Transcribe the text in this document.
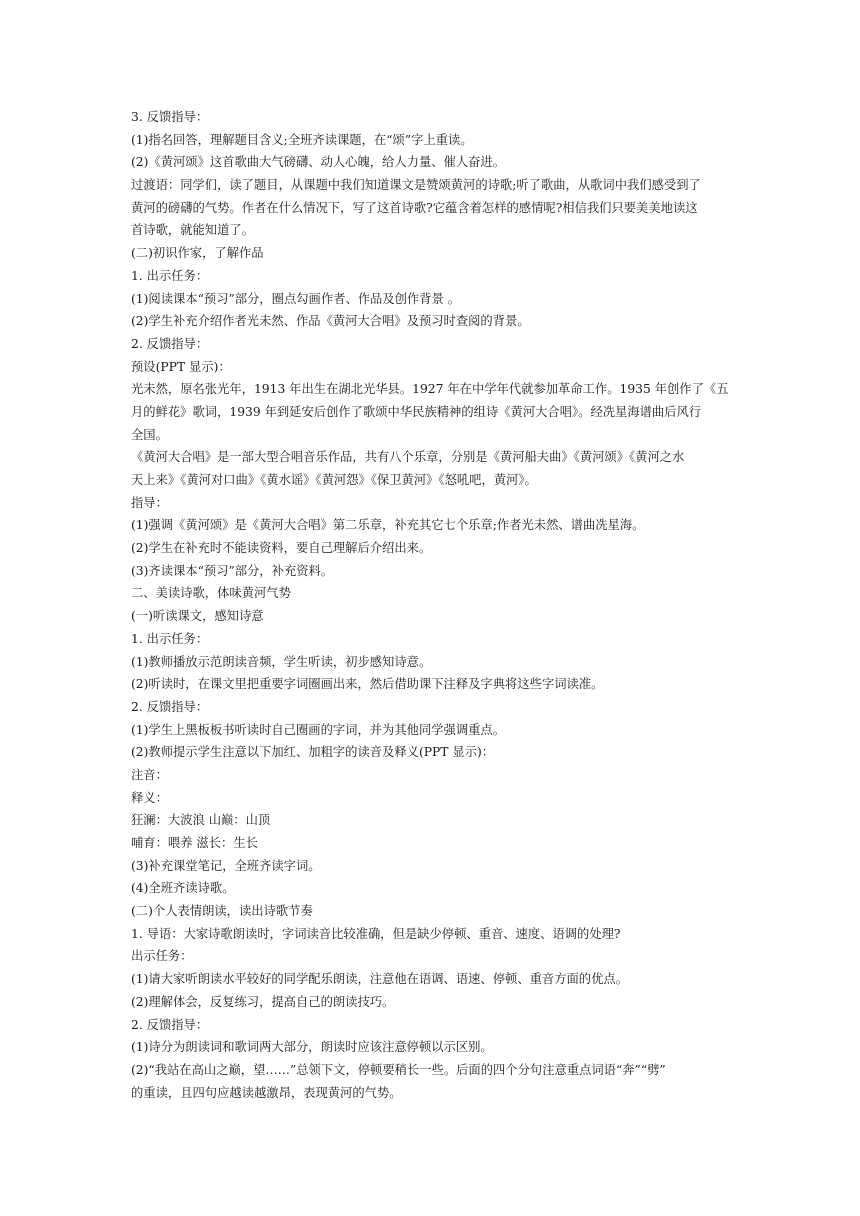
3. 反馈指导：
(1)指名回答，理解题目含义;全班齐读课题，在“颂”字上重读。
(2)《黄河颂》这首歌曲大气磅礴、动人心魄，给人力量、催人奋进。
过渡语：同学们，读了题目，从课题中我们知道课文是赞颂黄河的诗歌;听了歌曲，从歌词中我们感受到了
黄河的磅礴的气势。作者在什么情况下，写了这首诗歌?它蕴含着怎样的感情呢?相信我们只要美美地读这
首诗歌，就能知道了。
(二)初识作家，了解作品
1. 出示任务：
(1)阅读课本“预习”部分，圈点勾画作者、作品及创作背景 。
(2)学生补充介绍作者光未然、作品《黄河大合唱》及预习时查阅的背景。
2. 反馈指导：
预设(PPT 显示)：
光未然，原名张光年，1913 年出生在湖北光华县。1927 年在中学年代就参加革命工作。1935 年创作了《五
月的鲜花》歌词，1939 年到延安后创作了歌颂中华民族精神的组诗《黄河大合唱》。经冼星海谱曲后风行
全国。
《黄河大合唱》是一部大型合唱音乐作品，共有八个乐章，分别是《黄河船夫曲》《黄河颂》《黄河之水
天上来》《黄河对口曲》《黄水谣》《黄河怨》《保卫黄河》《怒吼吧，黄河》。
指导：
(1)强调《黄河颂》是《黄河大合唱》第二乐章，补充其它七个乐章;作者光未然、谱曲冼星海。
(2)学生在补充时不能读资料，要自己理解后介绍出来。
(3)齐读课本“预习”部分，补充资料。
二、美读诗歌，体味黄河气势
(一)听读课文，感知诗意
1. 出示任务：
(1)教师播放示范朗读音频，学生听读，初步感知诗意。
(2)听读时，在课文里把重要字词圈画出来，然后借助课下注释及字典将这些字词读准。
2. 反馈指导：
(1)学生上黑板板书听读时自己圈画的字词，并为其他同学强调重点。
(2)教师提示学生注意以下加红、加粗字的读音及释义(PPT 显示)：
注音：
释义：
狂澜：大波浪 山巅：山顶
哺育：喂养 滋长：生长
(3)补充课堂笔记，全班齐读字词。
(4)全班齐读诗歌。
(二)个人表情朗读，读出诗歌节奏
1. 导语：大家诗歌朗读时，字词读音比较准确，但是缺少停顿、重音、速度、语调的处理?
出示任务：
(1)请大家听朗读水平较好的同学配乐朗读，注意他在语调、语速、停顿、重音方面的优点。
(2)理解体会，反复练习，提高自己的朗读技巧。
2. 反馈指导：
(1)诗分为朗读词和歌词两大部分，朗读时应该注意停顿以示区别。
(2)“我站在高山之巅，望……”总领下文，停顿要稍长一些。后面的四个分句注意重点词语“奔”“劈”
的重读，且四句应越读越激昂，表现黄河的气势。
